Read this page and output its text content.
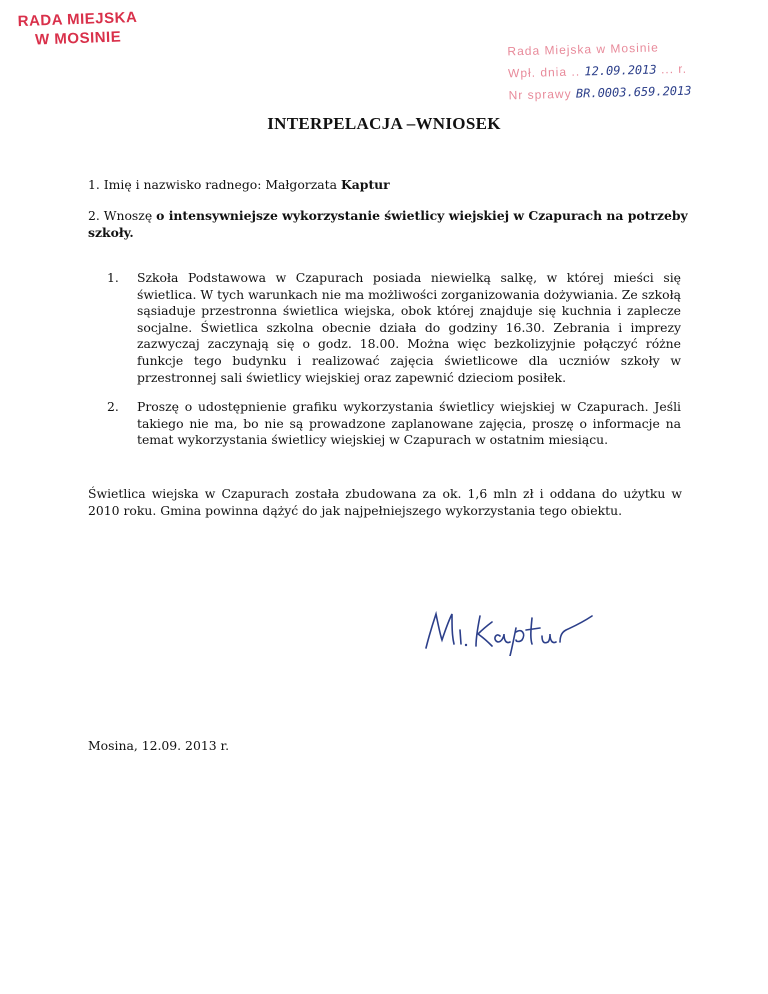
RADA MIEJSKA
W MOSINIE
Rada Miejska w Mosinie
Wpł. dnia .. 12.09.2013 ... r.
Nr sprawy BR.0003.659.2013
INTERPELACJA –WNIOSEK
1. Imię i nazwisko radnego: Małgorzata Kaptur
2. Wnoszę o intensywniejsze wykorzystanie świetlicy wiejskiej w Czapurach na potrzeby szkoły.
1. Szkoła Podstawowa w Czapurach posiada niewielką salkę, w której mieści się świetlica. W tych warunkach nie ma możliwości zorganizowania dożywiania. Ze szkołą sąsiaduje przestronna świetlica wiejska, obok której znajduje się kuchnia i zaplecze socjalne. Świetlica szkolna obecnie działa do godziny 16.30. Zebrania i imprezy zazwyczaj zaczynają się o godz. 18.00. Można więc bezkolizyjnie połączyć różne funkcje tego budynku i realizować zajęcia świetlicowe dla uczniów szkoły w przestronnej sali świetlicy wiejskiej oraz zapewnić dzieciom posiłek.
2. Proszę o udostępnienie grafiku wykorzystania świetlicy wiejskiej w Czapurach. Jeśli takiego nie ma, bo nie są prowadzone zaplanowane zajęcia, proszę o informacje na temat wykorzystania świetlicy wiejskiej w Czapurach w ostatnim miesiącu.
Świetlica wiejska w Czapurach została zbudowana za ok. 1,6 mln zł i oddana do użytku w 2010 roku. Gmina powinna dążyć do jak najpełniejszego wykorzystania tego obiektu.
Mosina, 12.09. 2013 r.
